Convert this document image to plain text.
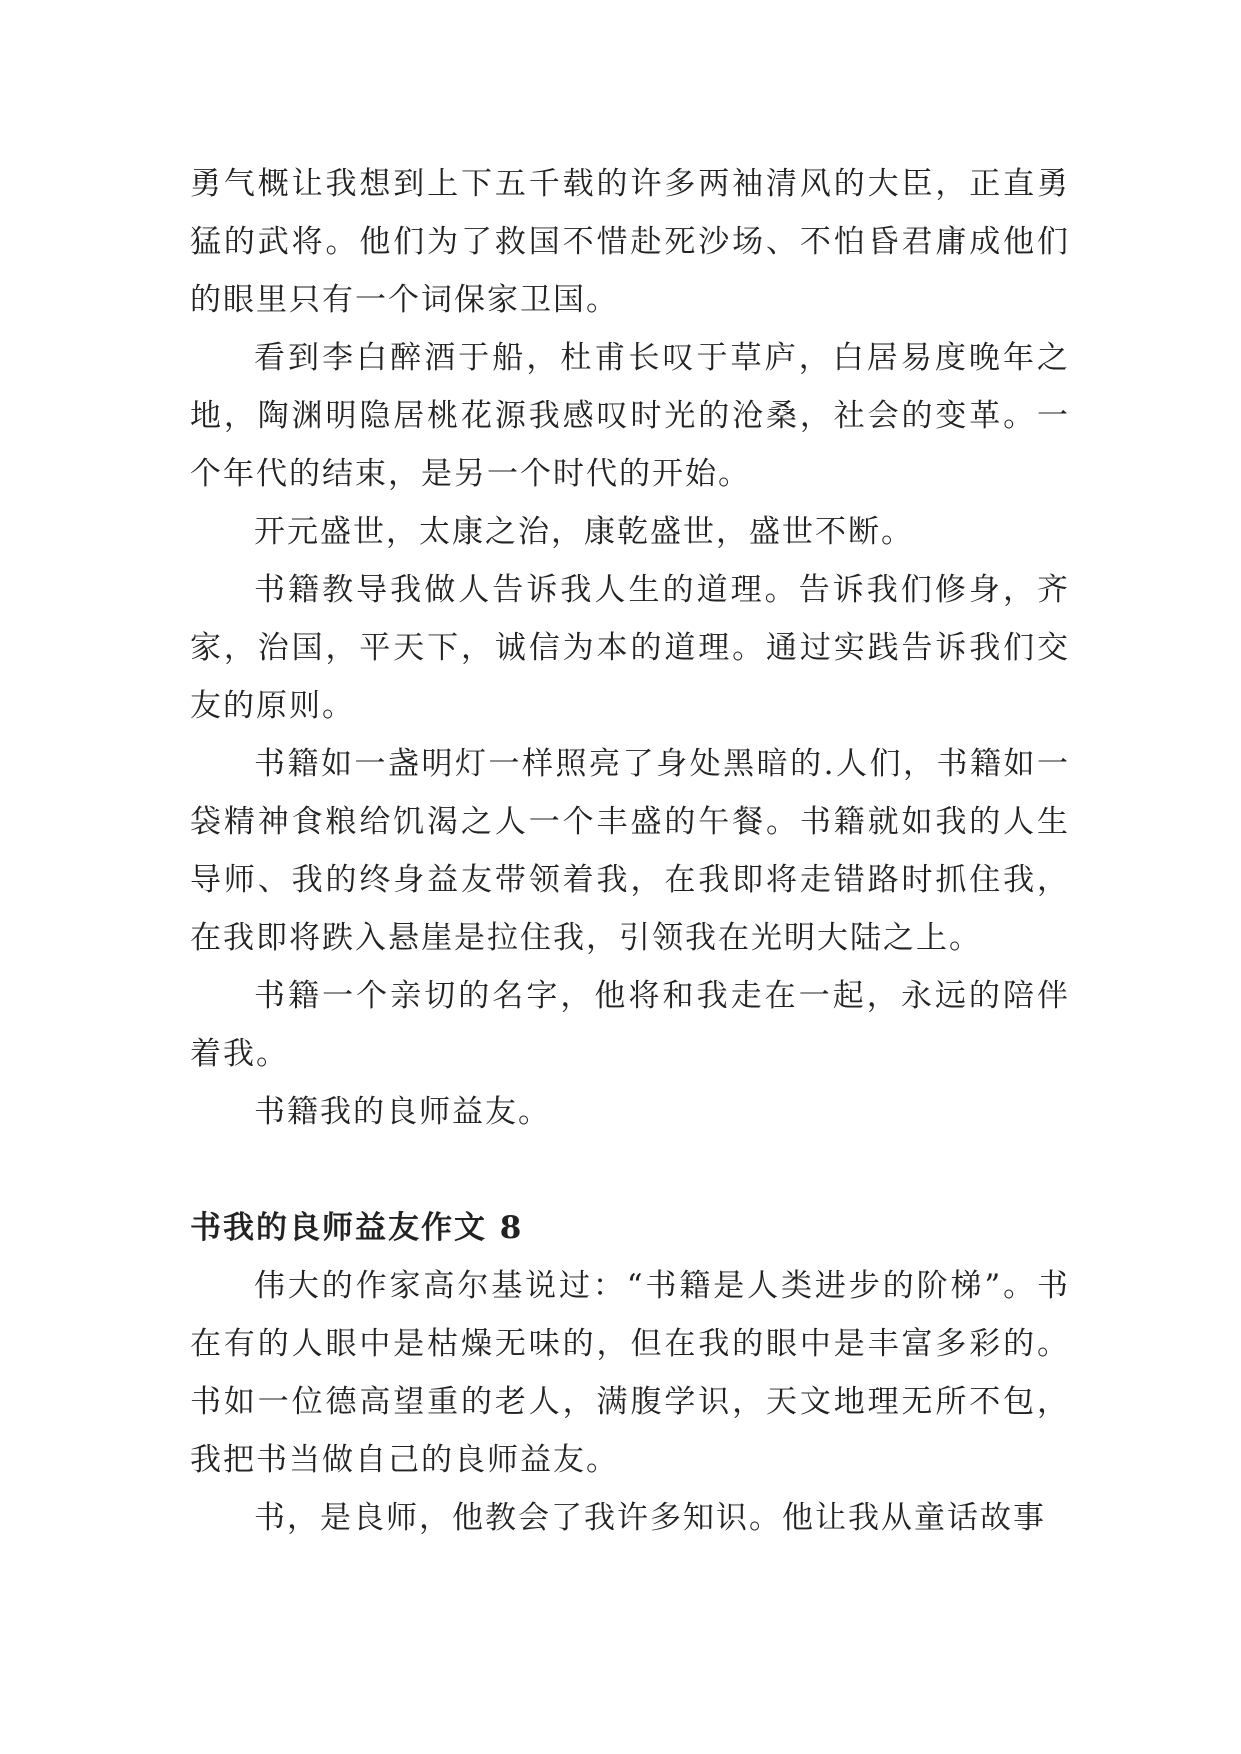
勇气概让我想到上下五千载的许多两袖清风的大臣，正直勇猛的武将。他们为了救国不惜赴死沙场、不怕昏君庸成他们的眼里只有一个词保家卫国。

看到李白醉酒于船，杜甫长叹于草庐，白居易度晚年之地，陶渊明隐居桃花源我感叹时光的沧桑，社会的变革。一个年代的结束，是另一个时代的开始。

开元盛世，太康之治，康乾盛世，盛世不断。

书籍教导我做人告诉我人生的道理。告诉我们修身，齐家，治国，平天下，诚信为本的道理。通过实践告诉我们交友的原则。

书籍如一盏明灯一样照亮了身处黑暗的.人们，书籍如一袋精神食粮给饥渴之人一个丰盛的午餐。书籍就如我的人生导师、我的终身益友带领着我，在我即将走错路时抓住我，在我即将跌入悬崖是拉住我，引领我在光明大陆之上。

书籍一个亲切的名字，他将和我走在一起，永远的陪伴着我。

书籍我的良师益友。

书我的良师益友作文 8

伟大的作家高尔基说过：“书籍是人类进步的阶梯”。书在有的人眼中是枯燥无味的，但在我的眼中是丰富多彩的。书如一位德高望重的老人，满腹学识，天文地理无所不包，我把书当做自己的良师益友。

书，是良师，他教会了我许多知识。他让我从童话故事
